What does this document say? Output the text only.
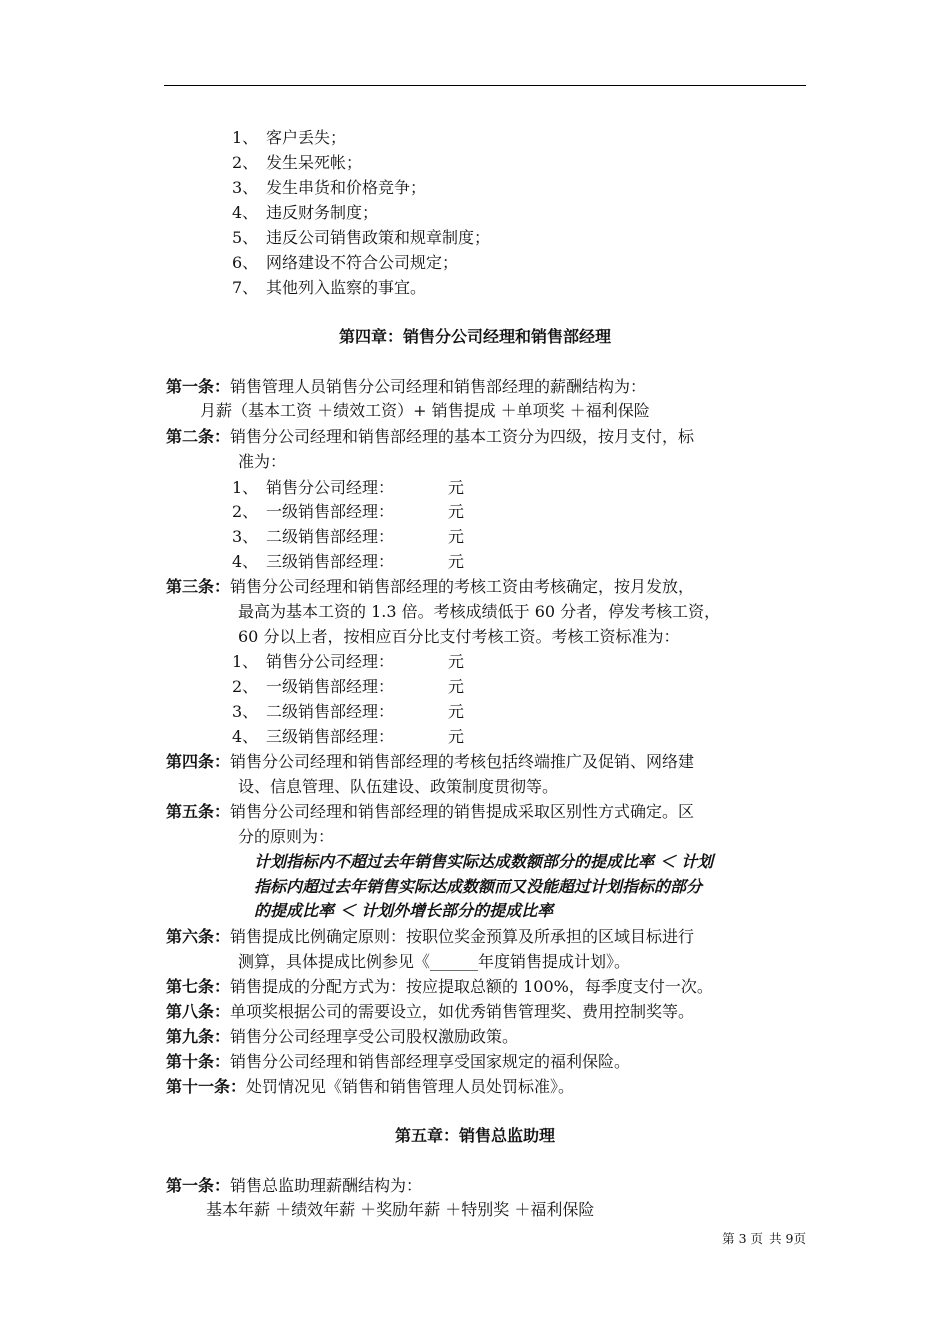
1、 客户丢失；
2、 发生呆死帐；
3、 发生串货和价格竞争；
4、 违反财务制度；
5、 违反公司销售政策和规章制度；
6、 网络建设不符合公司规定；
7、 其他列入监察的事宜。
第四章：销售分公司经理和销售部经理
第一条：销售管理人员销售分公司经理和销售部经理的薪酬结构为：
月薪（基本工资 ＋绩效工资）+ 销售提成 ＋单项奖 ＋福利保险
第二条：销售分公司经理和销售部经理的基本工资分为四级，按月支付，标
准为：
1、 销售分公司经理：	元
2、 一级销售部经理：	元
3、 二级销售部经理：	元
4、 三级销售部经理：	元
第三条：销售分公司经理和销售部经理的考核工资由考核确定，按月发放，
最高为基本工资的 1.3 倍。考核成绩低于 60 分者，停发考核工资，
60 分以上者，按相应百分比支付考核工资。考核工资标准为：
1、 销售分公司经理：	元
2、 一级销售部经理：	元
3、 二级销售部经理：	元
4、 三级销售部经理：	元
第四条：销售分公司经理和销售部经理的考核包括终端推广及促销、网络建
设、信息管理、队伍建设、政策制度贯彻等。
第五条：销售分公司经理和销售部经理的销售提成采取区别性方式确定。区
分的原则为：
计划指标内不超过去年销售实际达成数额部分的提成比率 ＜ 计划
指标内超过去年销售实际达成数额而又没能超过计划指标的部分
的提成比率 ＜ 计划外增长部分的提成比率
第六条：销售提成比例确定原则：按职位奖金预算及所承担的区域目标进行
测算，具体提成比例参见《______年度销售提成计划》。
第七条：销售提成的分配方式为：按应提取总额的 100%，每季度支付一次。
第八条：单项奖根据公司的需要设立，如优秀销售管理奖、费用控制奖等。
第九条：销售分公司经理享受公司股权激励政策。
第十条：销售分公司经理和销售部经理享受国家规定的福利保险。
第十一条：处罚情况见《销售和销售管理人员处罚标准》。
第五章：销售总监助理
第一条：销售总监助理薪酬结构为：
基本年薪 ＋绩效年薪 ＋奖励年薪 ＋特别奖 ＋福利保险
第 3 页 共 9页
